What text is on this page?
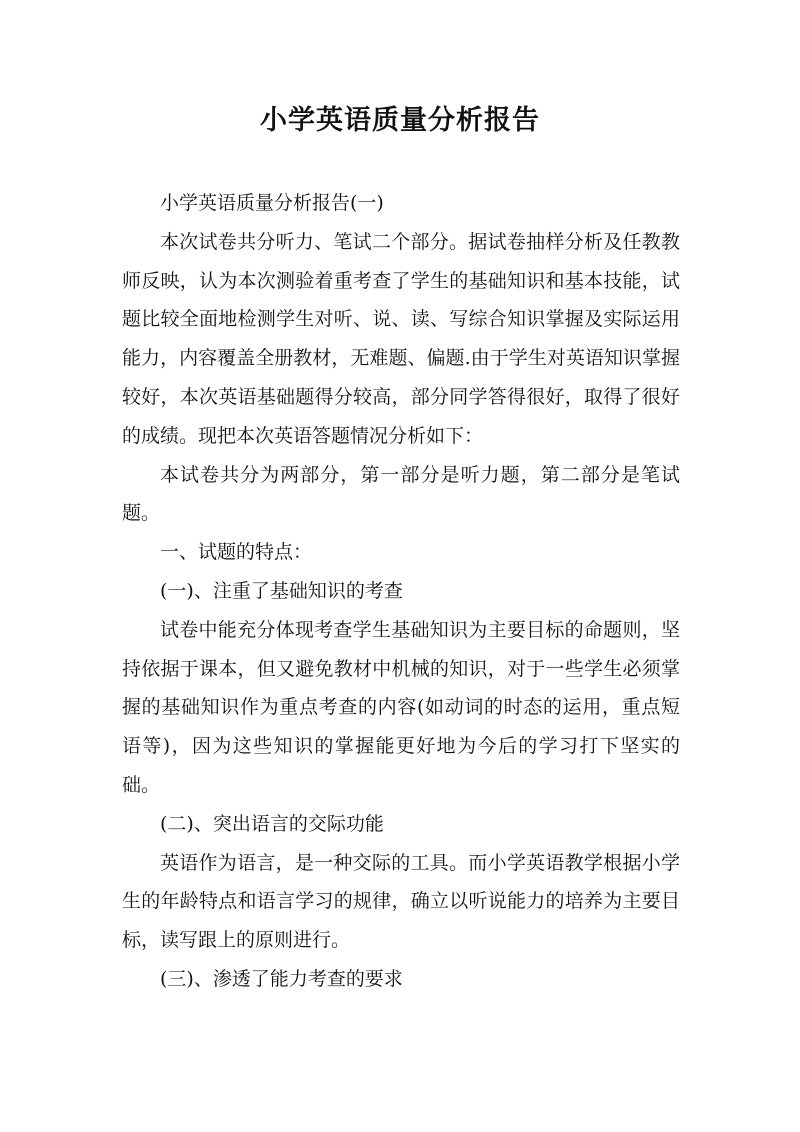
小学英语质量分析报告

小学英语质量分析报告(一)

本次试卷共分听力、笔试二个部分。据试卷抽样分析及任教教师反映，认为本次测验着重考查了学生的基础知识和基本技能，试题比较全面地检测学生对听、说、读、写综合知识掌握及实际运用能力，内容覆盖全册教材，无难题、偏题.由于学生对英语知识掌握较好，本次英语基础题得分较高，部分同学答得很好，取得了很好的成绩。现把本次英语答题情况分析如下：

本试卷共分为两部分，第一部分是听力题，第二部分是笔试题。

一、试题的特点：

(一)、注重了基础知识的考查

试卷中能充分体现考查学生基础知识为主要目标的命题则，坚持依据于课本，但又避免教材中机械的知识，对于一些学生必须掌握的基础知识作为重点考查的内容(如动词的时态的运用，重点短语等)，因为这些知识的掌握能更好地为今后的学习打下坚实的础。

(二)、突出语言的交际功能

英语作为语言，是一种交际的工具。而小学英语教学根据小学生的年龄特点和语言学习的规律，确立以听说能力的培养为主要目标，读写跟上的原则进行。

(三)、渗透了能力考查的要求
